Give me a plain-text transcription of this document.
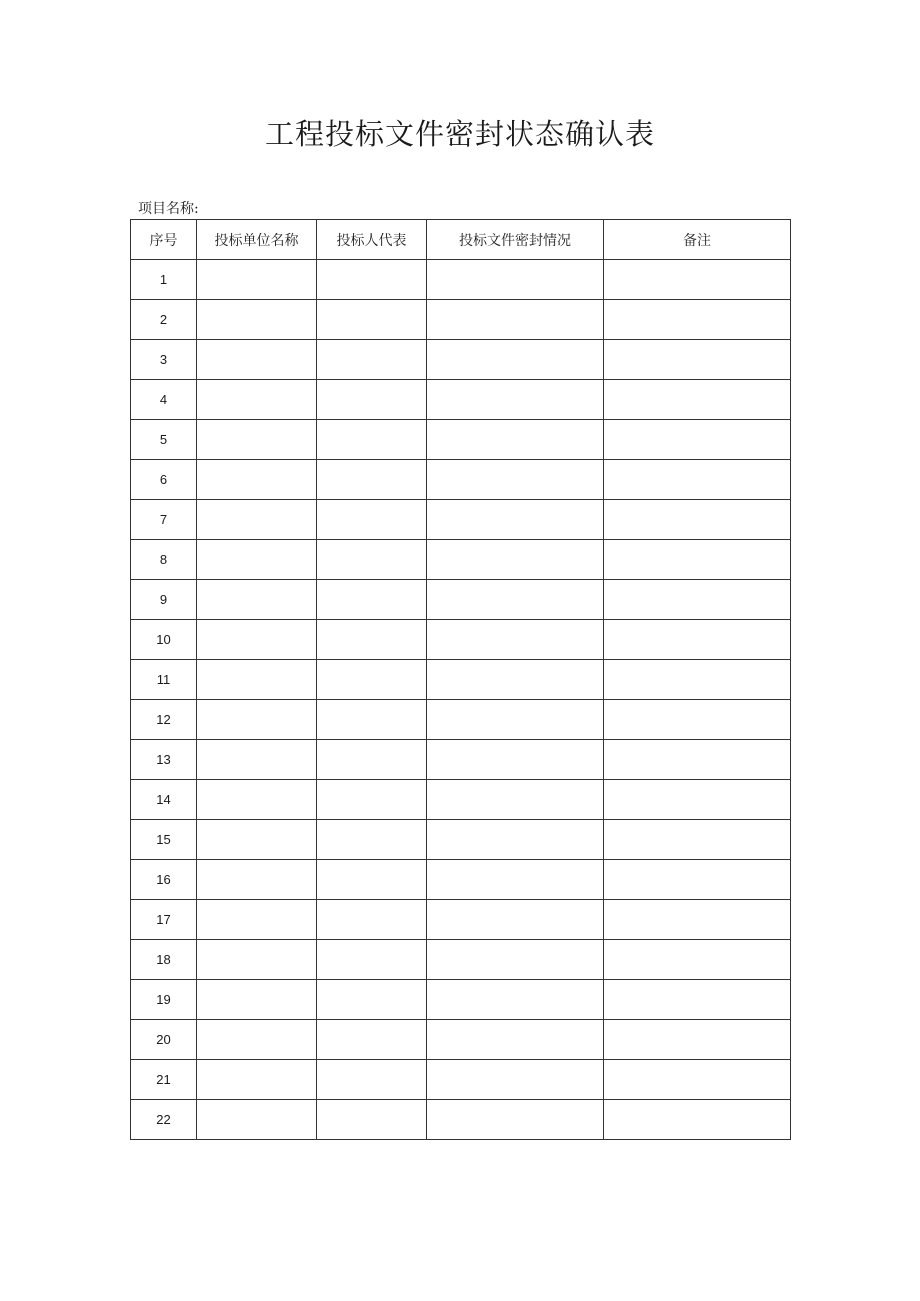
工程投标文件密封状态确认表
项目名称:
序号	投标单位名称	投标人代表	投标文件密封情况	备注
1				
2				
3				
4				
5				
6				
7				
8				
9				
10				
11				
12				
13				
14				
15				
16				
17				
18				
19				
20				
21				
22				
